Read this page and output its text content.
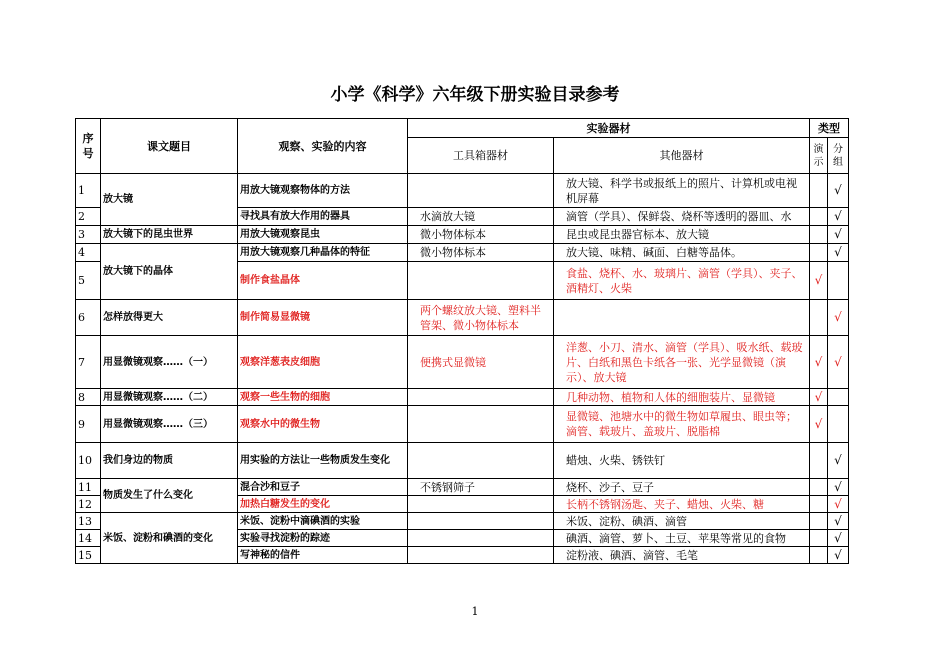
小学《科学》六年级下册实验目录参考
序号	课文题目	观察、实验的内容	实验器材		类型	
			工具箱器材	其他器材	演示	分组
1	放大镜	用放大镜观察物体的方法		放大镜、科学书或报纸上的照片、计算机或电视机屏幕		√
2		寻找具有放大作用的器具	水滴放大镜	滴管（学具）、保鲜袋、烧杯等透明的器皿、水		√
3	放大镜下的昆虫世界	用放大镜观察昆虫	微小物体标本	昆虫或昆虫器官标本、放大镜		√
4	放大镜下的晶体	用放大镜观察几种晶体的特征	微小物体标本	放大镜、味精、碱面、白糖等晶体。		√
5		制作食盐晶体		食盐、烧杯、水、玻璃片、滴管（学具）、夹子、酒精灯、火柴	√	
6	怎样放得更大	制作简易显微镜	两个螺纹放大镜、塑料半管架、微小物体标本			√
7	用显微镜观察……（一）	观察洋葱表皮细胞	便携式显微镜	洋葱、小刀、清水、滴管（学具）、吸水纸、载玻片、白纸和黑色卡纸各一张、光学显微镜（演示）、放大镜	√	√
8	用显微镜观察……（二）	观察一些生物的细胞		几种动物、植物和人体的细胞装片、显微镜	√	
9	用显微镜观察……（三）	观察水中的微生物		显微镜、池塘水中的微生物如草履虫、眼虫等；滴管、载玻片、盖玻片、脱脂棉	√	
10	我们身边的物质	用实验的方法让一些物质发生变化		蜡烛、火柴、锈铁钉		√
11	物质发生了什么变化	混合沙和豆子	不锈钢筛子	烧杯、沙子、豆子		√
12		加热白糖发生的变化		长柄不锈钢汤匙、夹子、蜡烛、火柴、糖		√
13	米饭、淀粉和碘酒的变化	米饭、淀粉中滴碘酒的实验		米饭、淀粉、碘酒、滴管		√
14		实验寻找淀粉的踪迹		碘酒、滴管、萝卜、土豆、苹果等常见的食物		√
15		写神秘的信件		淀粉液、碘酒、滴管、毛笔		√
1
